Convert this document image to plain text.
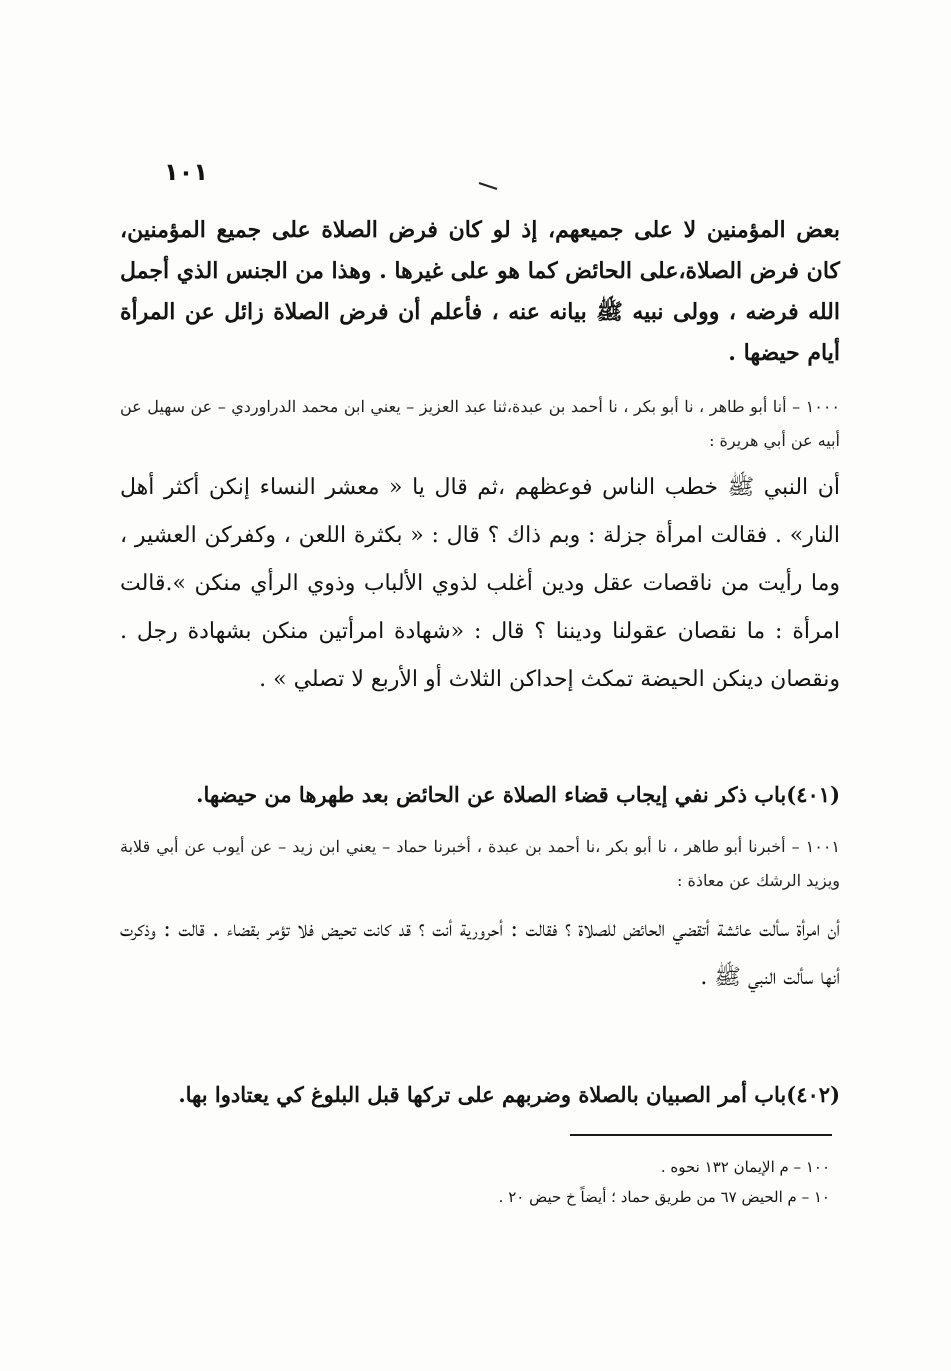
١٠١
بعض المؤمنين لا على جميعهم، إذ لو كان فرض الصلاة على جميع المؤمنين، كان فرض الصلاة،على الحائض كما هو على غيرها . وهذا من الجنس الذي أجمل الله فرضه ، وولى نبيه ﷺ بيانه عنه ، فأعلم أن فرض الصلاة زائل عن المرأة أيام حيضها .
١٠٠٠ – أنا أبو طاهر ، نا أبو بكر ، نا أحمد بن عبدة،ثنا عبد العزيز – يعني ابن محمد الدراوردي – عن سهيل عن أبيه عن أبي هريرة :
أن النبي ﷺ خطب الناس فوعظهم ،ثم قال يا « معشر النساء إنكن أكثر أهل النار» . فقالت امرأة جزلة : وبم ذاك ؟ قال : « بكثرة اللعن ، وكفركن العشير ، وما رأيت من ناقصات عقل ودين أغلب لذوي الألباب وذوي الرأي منكن ».قالت امرأة : ما نقصان عقولنا وديننا ؟ قال : «شهادة امرأتين منكن بشهادة رجل . ونقصان دينكن الحيضة تمكث إحداكن الثلاث أو الأربع لا تصلي » .
(٤٠١)باب ذكر نفي إيجاب قضاء الصلاة عن الحائض بعد طهرها من حيضها.
١٠٠١ – أخبرنا أبو طاهر ، نا أبو بكر ،نا أحمد بن عبدة ، أخبرنا حماد – يعني ابن زيد – عن أيوب عن أبي قلابة ويزيد الرشك عن معاذة :
أن امرأة سألت عائشة أتقضي الحائض للصلاة ؟ فقالت : أحرورية أنت ؟ قد كانت تحيض فلا تؤمر بقضاء . قالت : وذكرت أنها سألت النبي ﷺ .
(٤٠٢)باب أمر الصبيان بالصلاة وضربهم على تركها قبل البلوغ كي يعتادوا بها.
١٠٠ – م الإيمان ١٣٢ نحوه .
١٠ – م الحيض ٦٧ من طريق حماد ؛ أيضاً خ حيض ٢٠ .
